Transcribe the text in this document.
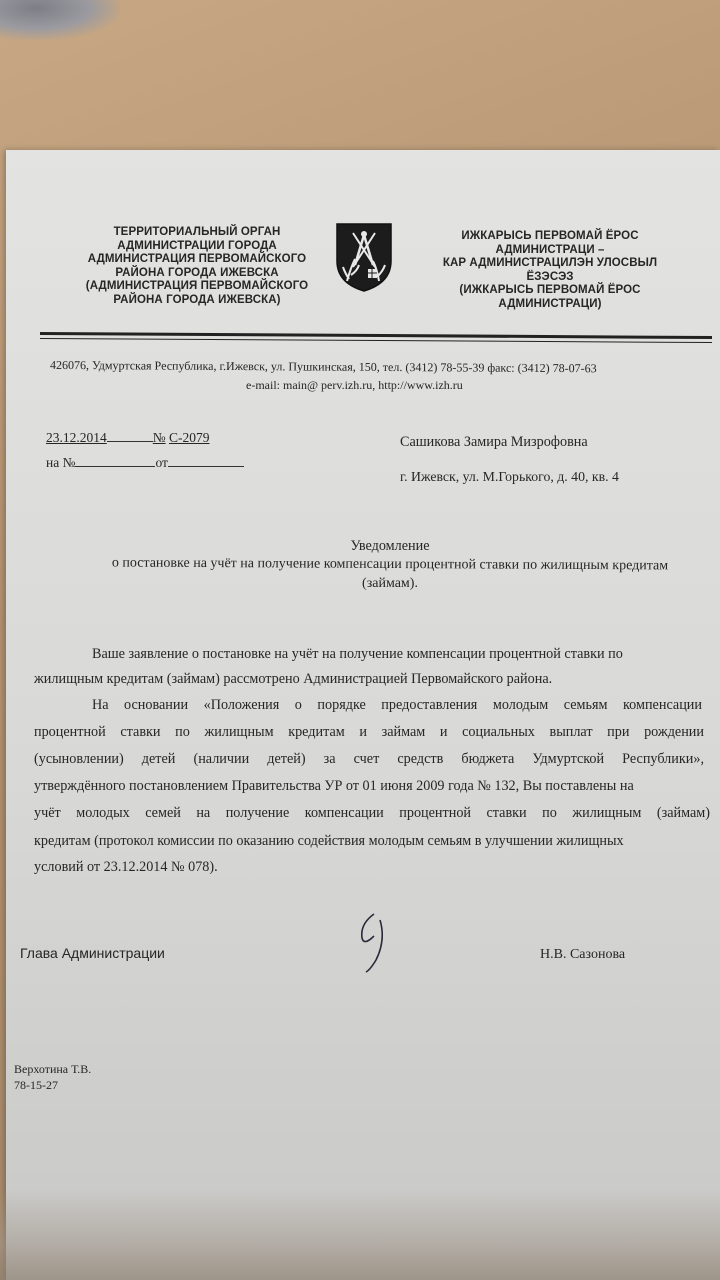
ТЕРРИТОРИАЛЬНЫЙ ОРГАН
АДМИНИСТРАЦИИ ГОРОДА
АДМИНИСТРАЦИЯ ПЕРВОМАЙСКОГО
РАЙОНА ГОРОДА ИЖЕВСКА
(АДМИНИСТРАЦИЯ ПЕРВОМАЙСКОГО
РАЙОНА ГОРОДА ИЖЕВСКА)
ИЖКАРЫСЬ ПЕРВОМАЙ ЁРОС
АДМИНИСТРАЦИ –
КАР АДМИНИСТРАЦИЛЭН УЛОСВЫЛ
ЁЗЭСЭЗ
(ИЖКАРЫСЬ ПЕРВОМАЙ ЁРОС
АДМИНИСТРАЦИ)
426076, Удмуртская Республика, г.Ижевск, ул. Пушкинская, 150, тел. (3412) 78-55-39 факс: (3412) 78-07-63
e-mail: main@ perv.izh.ru, http://www.izh.ru
23.12.2014	№ С-2079
на №	от
Сашикова Замира Мизрофовна
г. Ижевск, ул. М.Горького, д. 40, кв. 4
Уведомление
о постановке на учёт на получение компенсации процентной ставки по жилищным кредитам
(займам).
Ваше заявление о постановке на учёт на получение компенсации процентной ставки по
жилищным кредитам (займам) рассмотрено Администрацией Первомайского района.
На основании «Положения о порядке предоставления молодым семьям компенсации
процентной ставки по жилищным кредитам и займам и социальных выплат при рождении
(усыновлении) детей (наличии детей) за счет средств бюджета Удмуртской Республики»,
утверждённого постановлением Правительства УР от 01 июня 2009 года № 132, Вы поставлены на
учёт молодых семей на получение компенсации процентной ставки по жилищным (займам)
кредитам (протокол комиссии по оказанию содействия молодым семьям в улучшении жилищных
условий от 23.12.2014 № 078).
Глава Администрации	Н.В. Сазонова
Верхотина Т.В.
78-15-27
